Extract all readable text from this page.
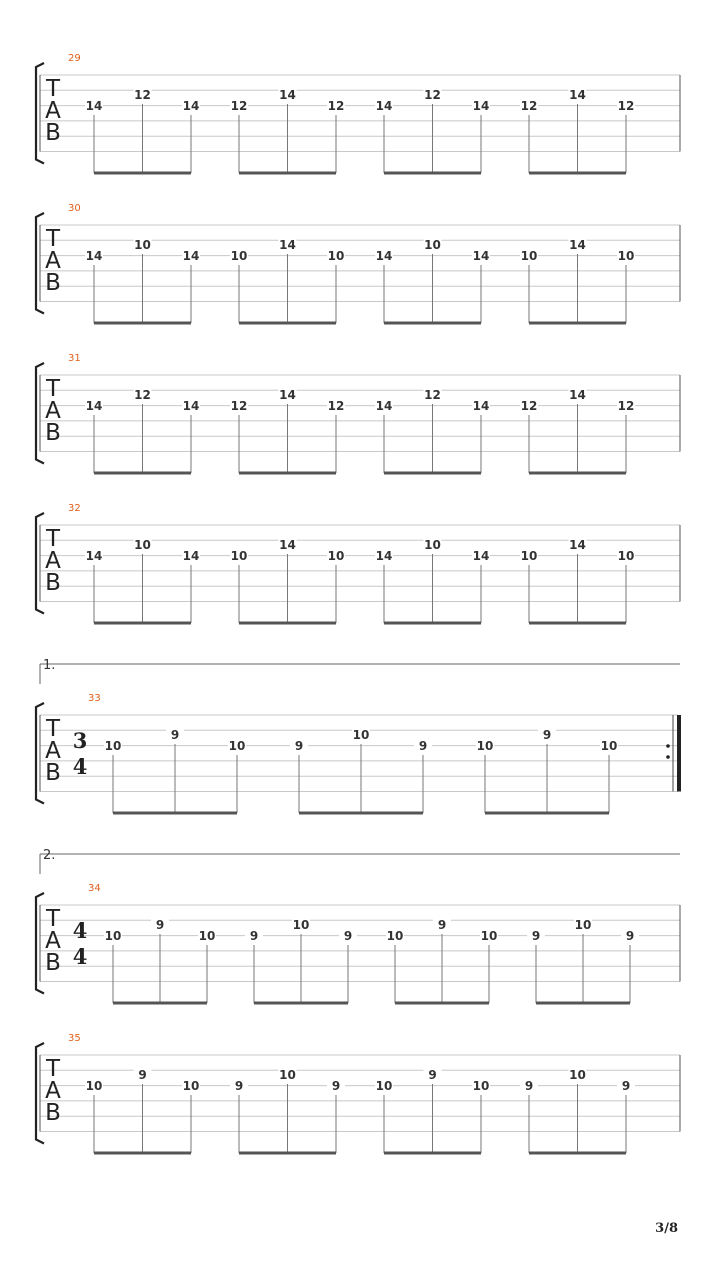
T
A
B
29
14
12
14	12
14
12	14
12
14	12
14
12
T
A
B
30
14
10
14	10
14
10	14
10
14	10
14
10
T
A
B
31
14
12
14	12
14
12	14
12
14	12
14
12
T
A
B
32
14
10
14	10
14
10	14
10
14	10
14
10
1.
T
A
B
33
3
4
10
9
10	9
10
9	10
9
10
2.
T
A
B
34
4
4
10
9
10	9
10
9	10
9
10	9
10
9
T
A
B
35
10
9
10	9
10
9	10
9
10	9
10
9
3/8
